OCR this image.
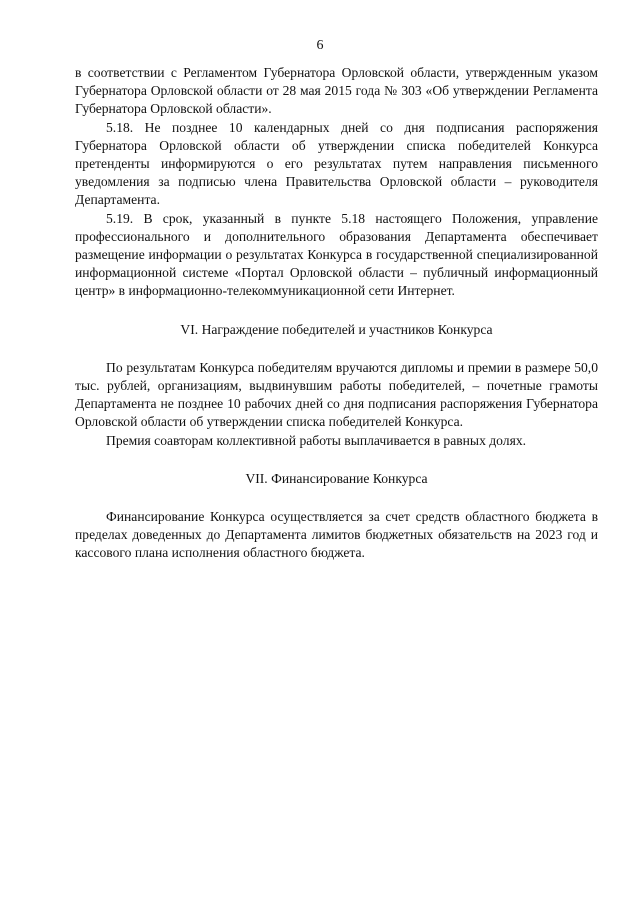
6

в соответствии с Регламентом Губернатора Орловской области, утвержденным указом Губернатора Орловской области от 28 мая 2015 года № 303 «Об утверждении Регламента Губернатора Орловской области».

5.18. Не позднее 10 календарных дней со дня подписания распоряжения Губернатора Орловской области об утверждении списка победителей Конкурса претенденты информируются о его результатах путем направления письменного уведомления за подписью члена Правительства Орловской области – руководителя Департамента.

5.19. В срок, указанный в пункте 5.18 настоящего Положения, управление профессионального и дополнительного образования Департамента обеспечивает размещение информации о результатах Конкурса в государственной специализированной информационной системе «Портал Орловской области – публичный информационный центр» в информационно-телекоммуникационной сети Интернет.

VI. Награждение победителей и участников Конкурса

По результатам Конкурса победителям вручаются дипломы и премии в размере 50,0 тыс. рублей, организациям, выдвинувшим работы победителей, – почетные грамоты Департамента не позднее 10 рабочих дней со дня подписания распоряжения Губернатора Орловской области об утверждении списка победителей Конкурса.

Премия соавторам коллективной работы выплачивается в равных долях.

VII. Финансирование Конкурса

Финансирование Конкурса осуществляется за счет средств областного бюджета в пределах доведенных до Департамента лимитов бюджетных обязательств на 2023 год и кассового плана исполнения областного бюджета.
